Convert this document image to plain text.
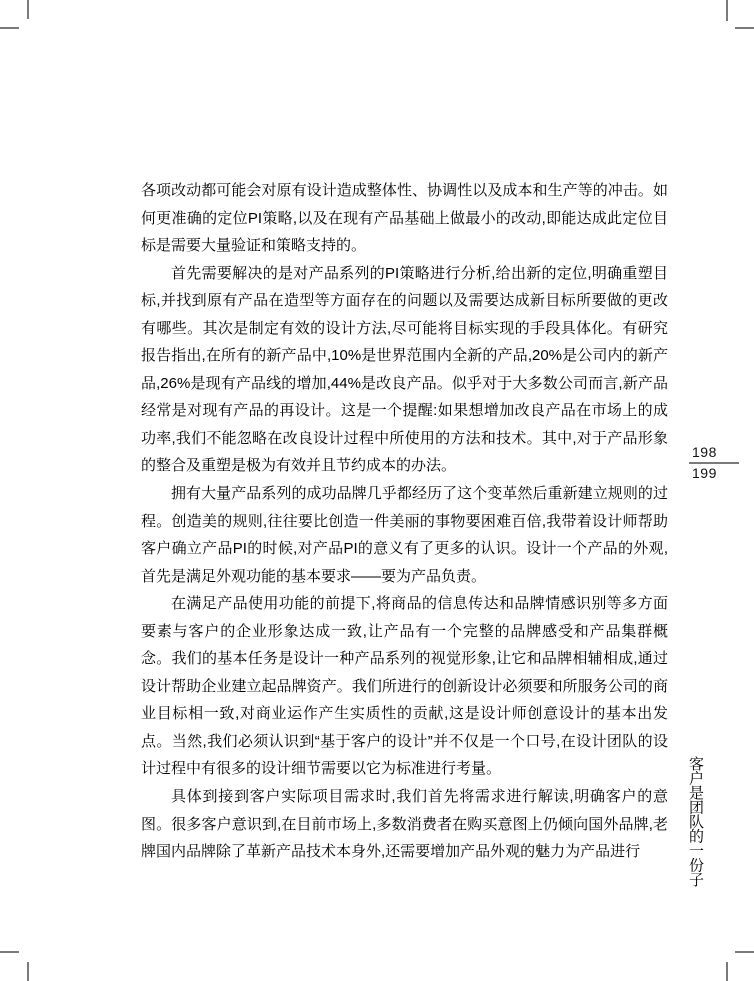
各项改动都可能会对原有设计造成整体性、协调性以及成本和生产等的冲击。如何更准确的定位PI策略,以及在现有产品基础上做最小的改动,即能达成此定位目标是需要大量验证和策略支持的。

首先需要解决的是对产品系列的PI策略进行分析,给出新的定位,明确重塑目标,并找到原有产品在造型等方面存在的问题以及需要达成新目标所要做的更改有哪些。其次是制定有效的设计方法,尽可能将目标实现的手段具体化。有研究报告指出,在所有的新产品中,10%是世界范围内全新的产品,20%是公司内的新产品,26%是现有产品线的增加,44%是改良产品。似乎对于大多数公司而言,新产品经常是对现有产品的再设计。这是一个提醒:如果想增加改良产品在市场上的成功率,我们不能忽略在改良设计过程中所使用的方法和技术。其中,对于产品形象的整合及重塑是极为有效并且节约成本的办法。

拥有大量产品系列的成功品牌几乎都经历了这个变革然后重新建立规则的过程。创造美的规则,往往要比创造一件美丽的事物要困难百倍,我带着设计师帮助客户确立产品PI的时候,对产品PI的意义有了更多的认识。设计一个产品的外观,首先是满足外观功能的基本要求——要为产品负责。

在满足产品使用功能的前提下,将商品的信息传达和品牌情感识别等多方面要素与客户的企业形象达成一致,让产品有一个完整的品牌感受和产品集群概念。我们的基本任务是设计一种产品系列的视觉形象,让它和品牌相辅相成,通过设计帮助企业建立起品牌资产。我们所进行的创新设计必须要和所服务公司的商业目标相一致,对商业运作产生实质性的贡献,这是设计师创意设计的基本出发点。当然,我们必须认识到“基于客户的设计”并不仅是一个口号,在设计团队的设计过程中有很多的设计细节需要以它为标准进行考量。

具体到接到客户实际项目需求时,我们首先将需求进行解读,明确客户的意图。很多客户意识到,在目前市场上,多数消费者在购买意图上仍倾向国外品牌,老牌国内品牌除了革新产品技术本身外,还需要增加产品外观的魅力为产品进行

198
199
客户是团队的一份子
